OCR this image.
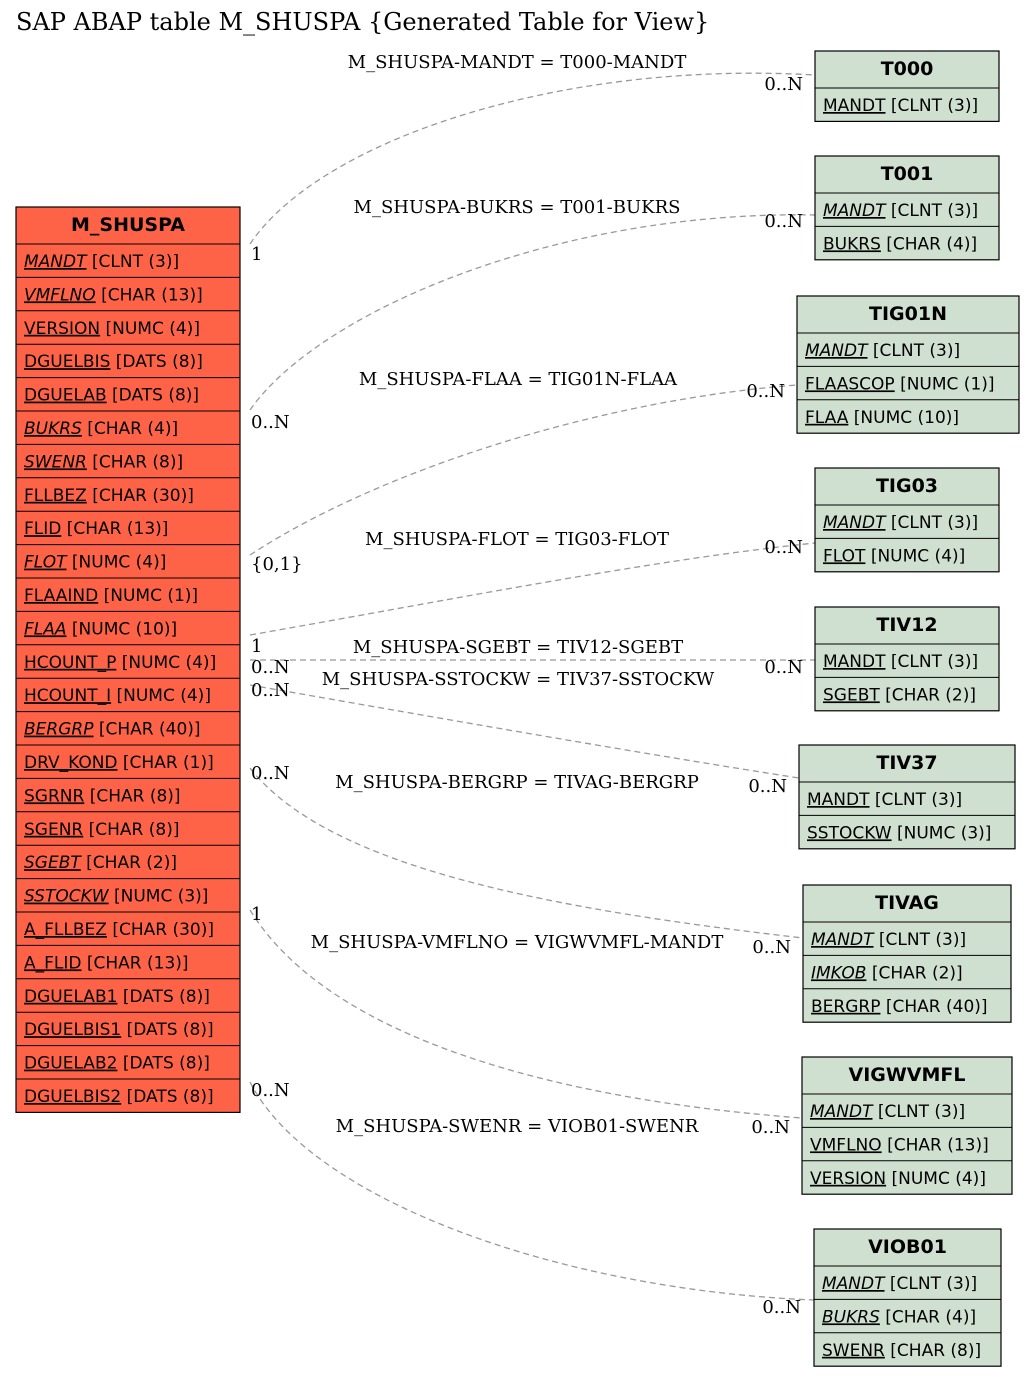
SAP ABAP table M_SHUSPA {Generated Table for View}
M_SHUSPA-MANDT = T000-MANDT
1
0..N
M_SHUSPA-BUKRS = T001-BUKRS
0..N
0..N
M_SHUSPA-FLAA = TIG01N-FLAA
{0,1}
0..N
M_SHUSPA-FLOT = TIG03-FLOT
1
0..N
M_SHUSPA-SGEBT = TIV12-SGEBT
0..N	0..N
M_SHUSPA-SSTOCKW = TIV37-SSTOCKW
0..N
0..N
M_SHUSPA-BERGRP = TIVAG-BERGRP
0..N
0..N
M_SHUSPA-VMFLNO = VIGWVMFL-MANDT
1
0..N
M_SHUSPA-SWENR = VIOB01-SWENR
0..N
0..N
M_SHUSPA
MANDT [CLNT (3)]
VMFLNO [CHAR (13)]
VERSION [NUMC (4)]
DGUELBIS [DATS (8)]
DGUELAB [DATS (8)]
BUKRS [CHAR (4)]
SWENR [CHAR (8)]
FLLBEZ [CHAR (30)]
FLID [CHAR (13)]
FLOT [NUMC (4)]
FLAAIND [NUMC (1)]
FLAA [NUMC (10)]
HCOUNT_P [NUMC (4)]
HCOUNT_I [NUMC (4)]
BERGRP [CHAR (40)]
DRV_KOND [CHAR (1)]
SGRNR [CHAR (8)]
SGENR [CHAR (8)]
SGEBT [CHAR (2)]
SSTOCKW [NUMC (3)]
A_FLLBEZ [CHAR (30)]
A_FLID [CHAR (13)]
DGUELAB1 [DATS (8)]
DGUELBIS1 [DATS (8)]
DGUELAB2 [DATS (8)]
DGUELBIS2 [DATS (8)]
T000
MANDT [CLNT (3)]
T001
MANDT [CLNT (3)]
BUKRS [CHAR (4)]
TIG01N
MANDT [CLNT (3)]
FLAASCOP [NUMC (1)]
FLAA [NUMC (10)]
TIG03
MANDT [CLNT (3)]
FLOT [NUMC (4)]
TIV12
MANDT [CLNT (3)]
SGEBT [CHAR (2)]
TIV37
MANDT [CLNT (3)]
SSTOCKW [NUMC (3)]
TIVAG
MANDT [CLNT (3)]
IMKOB [CHAR (2)]
BERGRP [CHAR (40)]
VIGWVMFL
MANDT [CLNT (3)]
VMFLNO [CHAR (13)]
VERSION [NUMC (4)]
VIOB01
MANDT [CLNT (3)]
BUKRS [CHAR (4)]
SWENR [CHAR (8)]
